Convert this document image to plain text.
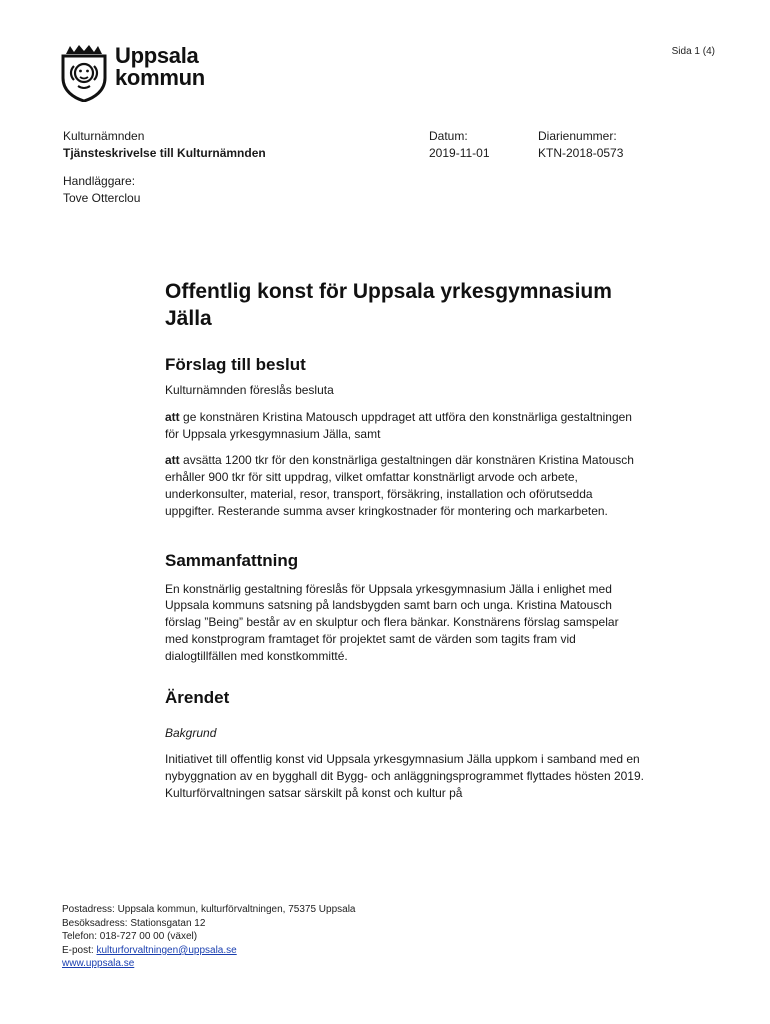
Uppsala
kommun
Sida 1 (4)
Kulturnämnden
Tjänsteskrivelse till Kulturnämnden
Datum:
2019-11-01
Diarienummer:
KTN-2018-0573
Handläggare:
Tove Otterclou
Offentlig konst för Uppsala yrkesgymnasium Jälla
Förslag till beslut

Kulturnämnden föreslås besluta

att ge konstnären Kristina Matousch uppdraget att utföra den konstnärliga gestaltningen för Uppsala yrkesgymnasium Jälla, samt

att avsätta 1200 tkr för den konstnärliga gestaltningen där konstnären Kristina Matousch erhåller 900 tkr för sitt uppdrag, vilket omfattar konstnärligt arvode och arbete, underkonsulter, material, resor, transport, försäkring, installation och oförutsedda uppgifter. Resterande summa avser kringkostnader för montering och markarbeten.

Sammanfattning

En konstnärlig gestaltning föreslås för Uppsala yrkesgymnasium Jälla i enlighet med Uppsala kommuns satsning på landsbygden samt barn och unga. Kristina Matousch förslag ”Being” består av en skulptur och flera bänkar. Konstnärens förslag samspelar med konstprogram framtaget för projektet samt de värden som tagits fram vid dialogtillfällen med konstkommitté.

Ärendet

Bakgrund

Initiativet till offentlig konst vid Uppsala yrkesgymnasium Jälla uppkom i samband med en nybyggnation av en bygghall dit Bygg- och anläggningsprogrammet flyttades hösten 2019. Kulturförvaltningen satsar särskilt på konst och kultur på

Postadress: Uppsala kommun, kulturförvaltningen, 75375 Uppsala
Besöksadress: Stationsgatan 12
Telefon: 018-727 00 00 (växel)
E-post: kulturforvaltningen@uppsala.se
www.uppsala.se
